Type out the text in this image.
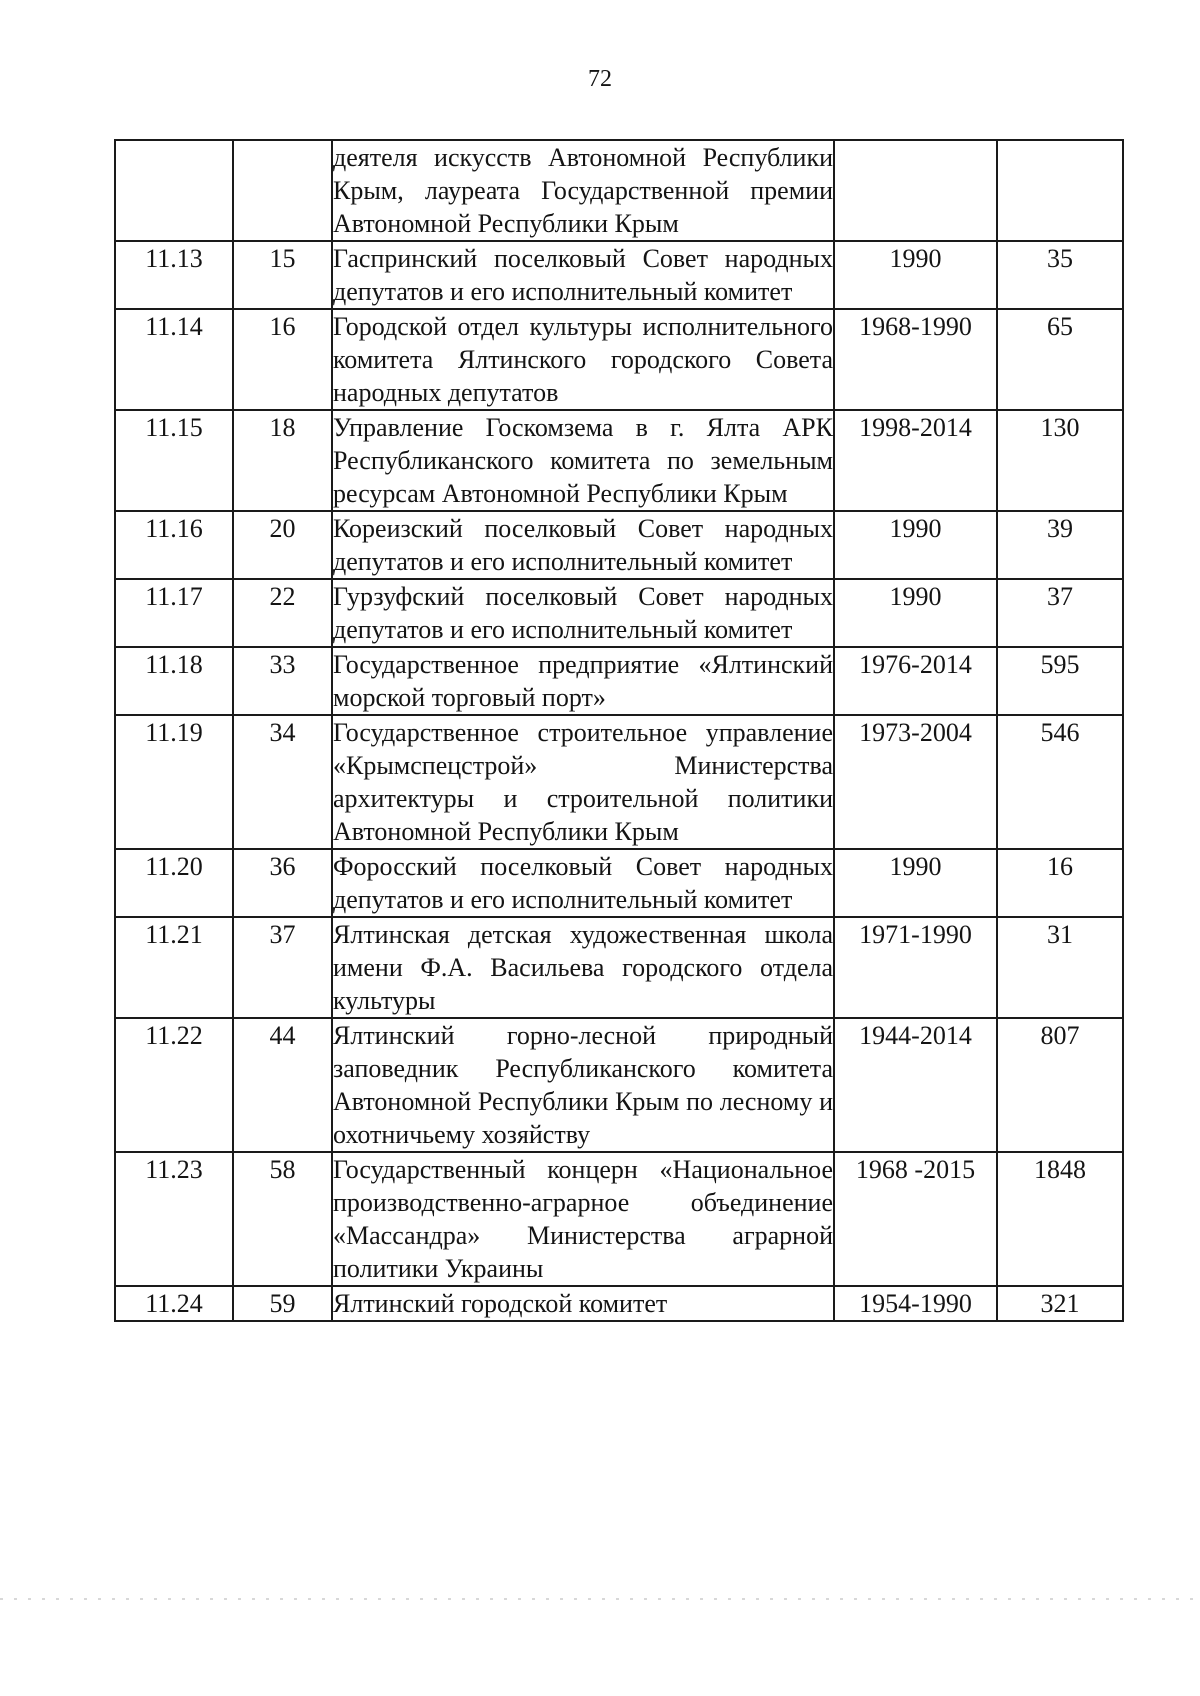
72

		деятеля искусств Автономной Республики Крым, лауреата Государственной премии Автономной Республики Крым		

11.13	15	Гаспринский поселковый Совет народных депутатов и его исполнительный комитет	1990	35
11.14	16	Городской отдел культуры исполнительного комитета Ялтинского городского Совета народных депутатов	1968-1990	65
11.15	18	Управление Госкомзема в г. Ялта АРК Республиканского комитета по земельным ресурсам Автономной Республики Крым	1998-2014	130
11.16	20	Кореизский поселковый Совет народных депутатов и его исполнительный комитет	1990	39
11.17	22	Гурзуфский поселковый Совет народных депутатов и его исполнительный комитет	1990	37
11.18	33	Государственное предприятие «Ялтинский морской торговый порт»	1976-2014	595
11.19	34	Государственное строительное управление «Крымспецстрой» Министерства архитектуры и строительной политики Автономной Республики Крым	1973-2004	546
11.20	36	Форосский поселковый Совет народных депутатов и его исполнительный комитет	1990	16
11.21	37	Ялтинская детская художественная школа имени Ф.А. Васильева городского отдела культуры	1971-1990	31
11.22	44	Ялтинский горно-лесной природный заповедник Республиканского комитета Автономной Республики Крым по лесному и охотничьему хозяйству	1944-2014	807
11.23	58	Государственный концерн «Национальное производственно-аграрное объединение «Массандра» Министерства аграрной политики Украины	1968 -2015	1848
11.24	59	Ялтинский городской комитет	1954-1990	321
